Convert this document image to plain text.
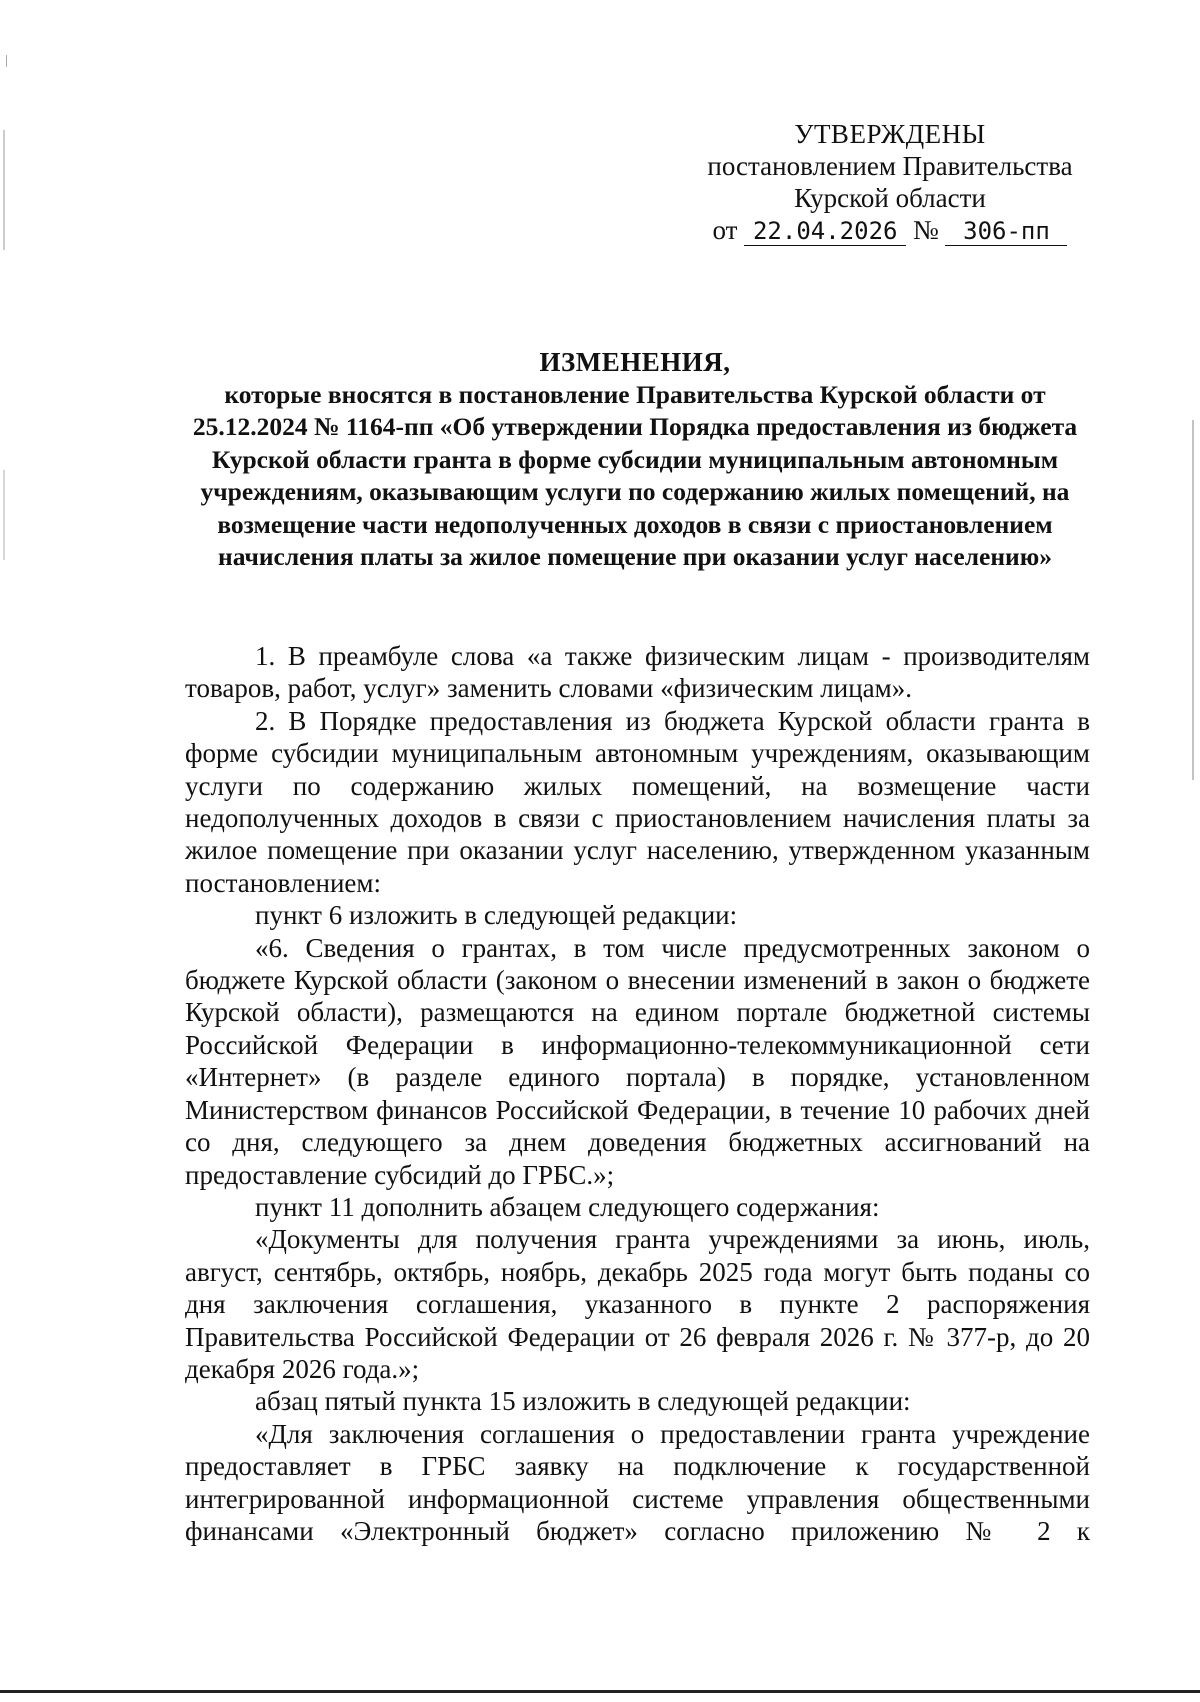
УТВЕРЖДЕНЫ
постановлением Правительства
Курской области
от 22.04.2026 № 306-пп
ИЗМЕНЕНИЯ,
которые вносятся в постановление Правительства Курской области от 25.12.2024 № 1164-пп «Об утверждении Порядка предоставления из бюджета Курской области гранта в форме субсидии муниципальным автономным учреждениям, оказывающим услуги по содержанию жилых помещений, на возмещение части недополученных доходов в связи с приостановлением начисления платы за жилое помещение при оказании услуг населению»

1. В преамбуле слова «а также физическим лицам - производителям товаров, работ, услуг» заменить словами «физическим лицам».

2. В Порядке предоставления из бюджета Курской области гранта в форме субсидии муниципальным автономным учреждениям, оказывающим услуги по содержанию жилых помещений, на возмещение части недополученных доходов в связи с приостановлением начисления платы за жилое помещение при оказании услуг населению, утвержденном указанным постановлением:

пункт 6 изложить в следующей редакции:

«6. Сведения о грантах, в том числе предусмотренных законом о бюджете Курской области (законом о внесении изменений в закон о бюджете Курской области), размещаются на едином портале бюджетной системы Российской Федерации в информационно-телекоммуникационной сети «Интернет» (в разделе единого портала) в порядке, установленном Министерством финансов Российской Федерации, в течение 10 рабочих дней со дня, следующего за днем доведения бюджетных ассигнований на предоставление субсидий до ГРБС.»;

пункт 11 дополнить абзацем следующего содержания:

«Документы для получения гранта учреждениями за июнь, июль, август, сентябрь, октябрь, ноябрь, декабрь 2025 года могут быть поданы со дня заключения соглашения, указанного в пункте 2 распоряжения Правительства Российской Федерации от 26 февраля 2026 г. № 377-р, до 20 декабря 2026 года.»;

абзац пятый пункта 15 изложить в следующей редакции:

«Для заключения соглашения о предоставлении гранта учреждение предоставляет в ГРБС заявку на подключение к государственной интегрированной информационной системе управления общественными финансами «Электронный бюджет» согласно приложению № 2 к
